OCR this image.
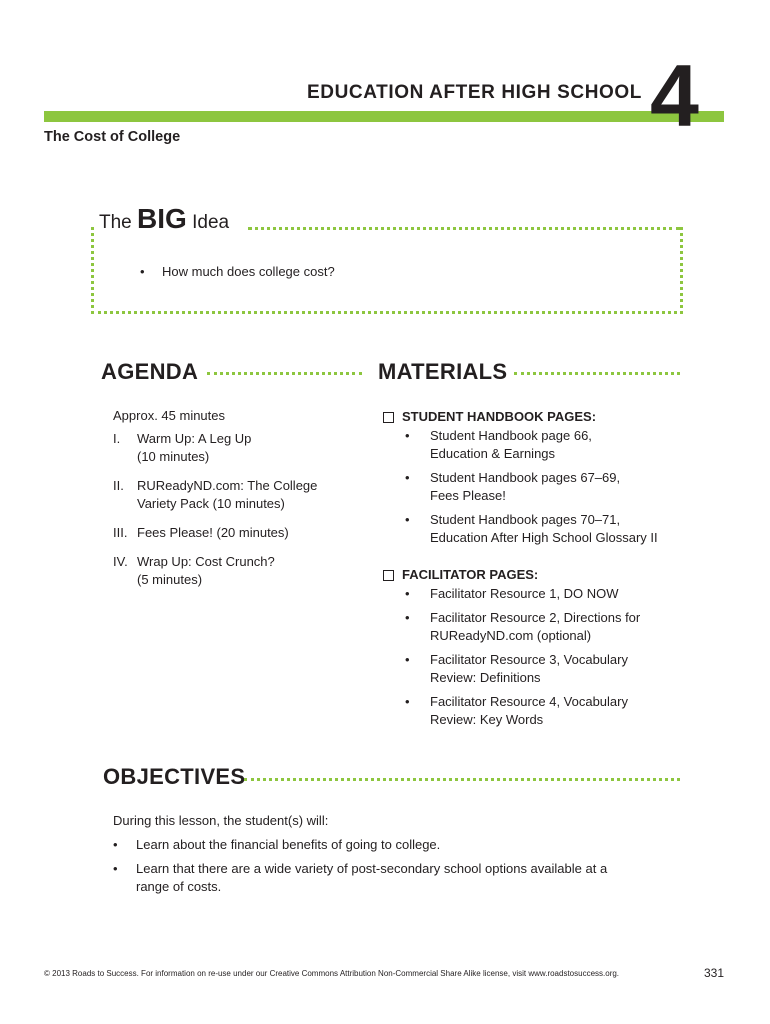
EDUCATION AFTER HIGH SCHOOL 4
The Cost of College
The BIG Idea
• How much does college cost?
AGENDA
Approx. 45 minutes
I.	Warm Up: A Leg Up
(10 minutes)
II.	RUReadyND.com: The College Variety Pack (10 minutes)
III. Fees Please! (20 minutes)
IV. Wrap Up: Cost Crunch?
(5 minutes)
MATERIALS
STUDENT HANDBOOK PAGES:
•	Student Handbook page 66, Education & Earnings
•	Student Handbook pages 67–69, Fees Please!
•	Student Handbook pages 70–71, Education After High School Glossary II
FACILITATOR PAGES:
•	Facilitator Resource 1, DO NOW
•	Facilitator Resource 2, Directions for RUReadyND.com (optional)
•	Facilitator Resource 3, Vocabulary Review: Definitions
•	Facilitator Resource 4, Vocabulary Review: Key Words
OBJECTIVES
During this lesson, the student(s) will:
•	Learn about the financial benefits of going to college.
•	Learn that there are a wide variety of post-secondary school options available at a range of costs.
© 2013 Roads to Success. For information on re-use under our Creative Commons Attribution Non-Commercial Share Alike license, visit www.roadstosuccess.org.	331
